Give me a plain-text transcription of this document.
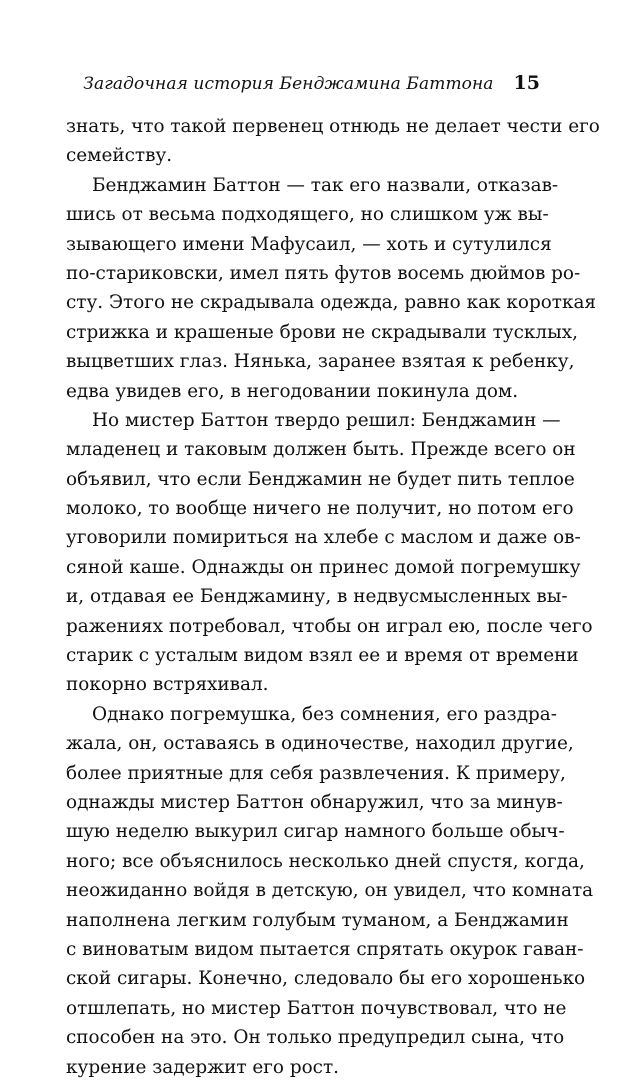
Загадочная история Бенджамина Баттона 15
знать, что такой первенец отнюдь не делает чести его
семейству.
Бенджамин Баттон — так его назвали, отказав-
шись от весьма подходящего, но слишком уж вы-
зывающего имени Мафусаил, — хоть и сутулился
по-стариковски, имел пять футов восемь дюймов ро-
сту. Этого не скрадывала одежда, равно как короткая
стрижка и крашеные брови не скрадывали тусклых,
выцветших глаз. Нянька, заранее взятая к ребенку,
едва увидев его, в негодовании покинула дом.
Но мистер Баттон твердо решил: Бенджамин —
младенец и таковым должен быть. Прежде всего он
объявил, что если Бенджамин не будет пить теплое
молоко, то вообще ничего не получит, но потом его
уговорили помириться на хлебе с маслом и даже ов-
сяной каше. Однажды он принес домой погремушку
и, отдавая ее Бенджамину, в недвусмысленных вы-
ражениях потребовал, чтобы он играл ею, после чего
старик с усталым видом взял ее и время от времени
покорно встряхивал.
Однако погремушка, без сомнения, его раздра-
жала, он, оставаясь в одиночестве, находил другие,
более приятные для себя развлечения. К примеру,
однажды мистер Баттон обнаружил, что за минув-
шую неделю выкурил сигар намного больше обыч-
ного; все объяснилось несколько дней спустя, когда,
неожиданно войдя в детскую, он увидел, что комната
наполнена легким голубым туманом, а Бенджамин
с виноватым видом пытается спрятать окурок гаван-
ской сигары. Конечно, следовало бы его хорошенько
отшлепать, но мистер Баттон почувствовал, что не
способен на это. Он только предупредил сына, что
курение задержит его рост.
